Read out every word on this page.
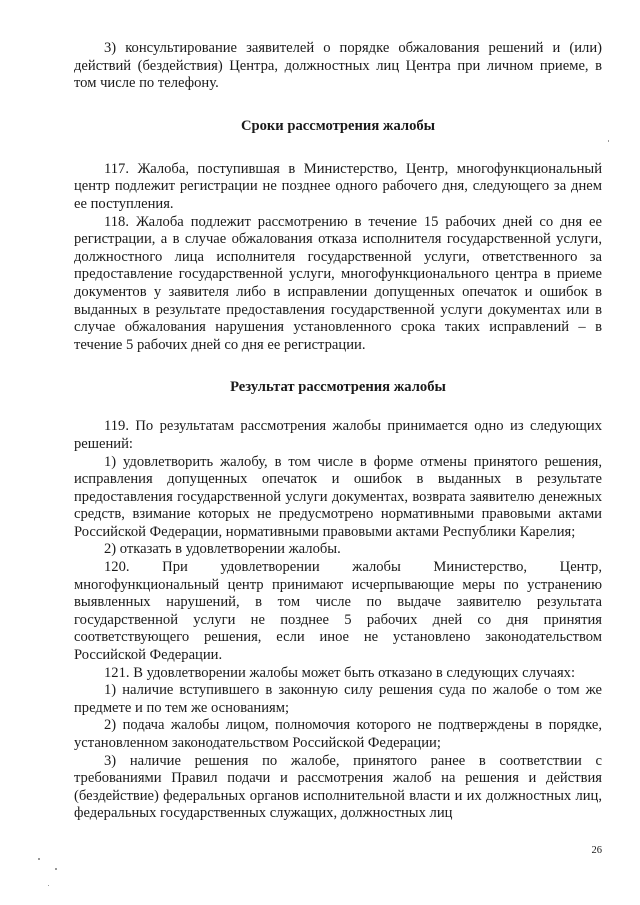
3) консультирование заявителей о порядке обжалования решений и (или) действий (бездействия) Центра, должностных лиц Центра при личном приеме, в том числе по телефону.

Сроки рассмотрения жалобы

117. Жалоба, поступившая в Министерство, Центр, многофункциональный центр подлежит регистрации не позднее одного рабочего дня, следующего за днем ее поступления.

118. Жалоба подлежит рассмотрению в течение 15 рабочих дней со дня ее регистрации, а в случае обжалования отказа исполнителя государственной услуги, должностного лица исполнителя государственной услуги, ответственного за предоставление государственной услуги, многофункционального центра в приеме документов у заявителя либо в исправлении допущенных опечаток и ошибок в выданных в результате предоставления государственной услуги документах или в случае обжалования нарушения установленного срока таких исправлений – в течение 5 рабочих дней со дня ее регистрации.

Результат рассмотрения жалобы

119. По результатам рассмотрения жалобы принимается одно из следующих решений:

1) удовлетворить жалобу, в том числе в форме отмены принятого решения, исправления допущенных опечаток и ошибок в выданных в результате предоставления государственной услуги документах, возврата заявителю денежных средств, взимание которых не предусмотрено нормативными правовыми актами Российской Федерации, нормативными правовыми актами Республики Карелия;

2) отказать в удовлетворении жалобы.

120. При удовлетворении жалобы Министерство, Центр, многофункциональный центр принимают исчерпывающие меры по устранению выявленных нарушений, в том числе по выдаче заявителю результата государственной услуги не позднее 5 рабочих дней со дня принятия соответствующего решения, если иное не установлено законодательством Российской Федерации.

121. В удовлетворении жалобы может быть отказано в следующих случаях:

1) наличие вступившего в законную силу решения суда по жалобе о том же предмете и по тем же основаниям;

2) подача жалобы лицом, полномочия которого не подтверждены в порядке, установленном законодательством Российской Федерации;

3) наличие решения по жалобе, принятого ранее в соответствии с требованиями Правил подачи и рассмотрения жалоб на решения и действия (бездействие) федеральных органов исполнительной власти и их должностных лиц, федеральных государственных служащих, должностных лиц

26
